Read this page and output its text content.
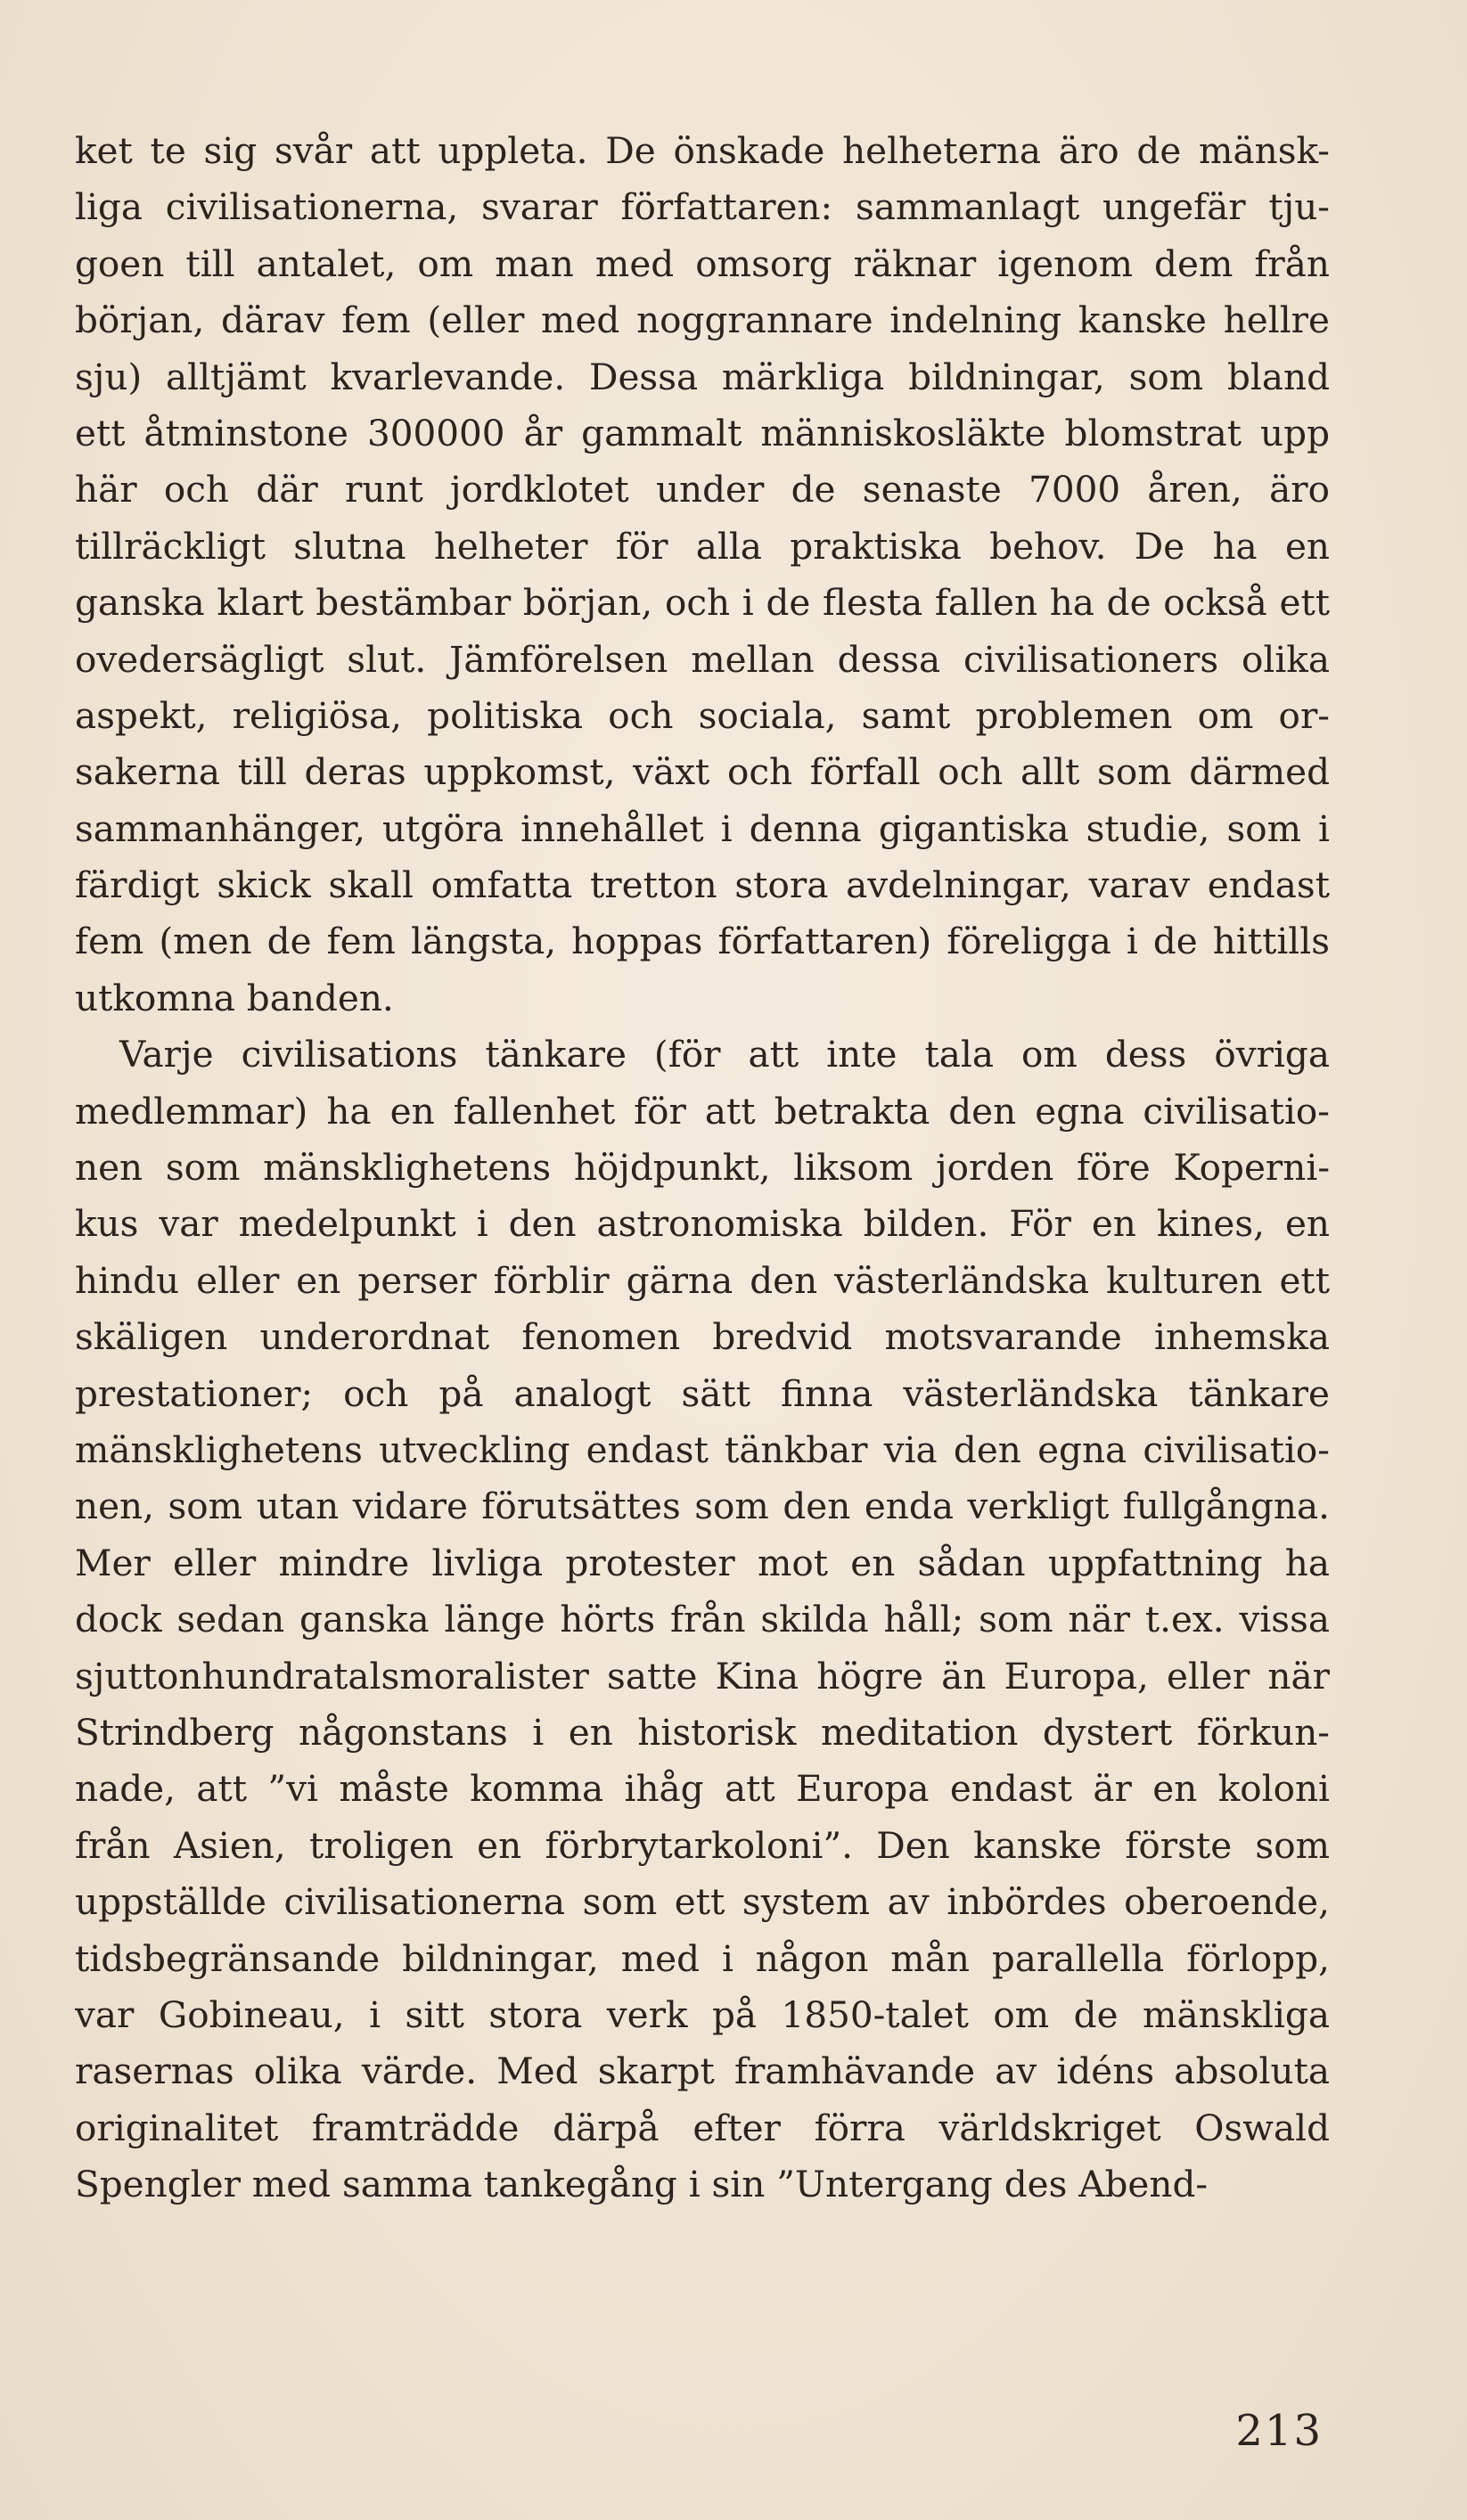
ket te sig svår att uppleta. De önskade helheterna äro de mänsk-
liga civilisationerna, svarar författaren: sammanlagt ungefär tju-
goen till antalet, om man med omsorg räknar igenom dem från
början, därav fem (eller med noggrannare indelning kanske hellre
sju) alltjämt kvarlevande. Dessa märkliga bildningar, som bland
ett åtminstone 300000 år gammalt människosläkte blomstrat upp
här och där runt jordklotet under de senaste 7000 åren, äro
tillräckligt slutna helheter för alla praktiska behov. De ha en
ganska klart bestämbar början, och i de flesta fallen ha de också ett
ovedersägligt slut. Jämförelsen mellan dessa civilisationers olika
aspekt, religiösa, politiska och sociala, samt problemen om or-
sakerna till deras uppkomst, växt och förfall och allt som därmed
sammanhänger, utgöra innehållet i denna gigantiska studie, som i
färdigt skick skall omfatta tretton stora avdelningar, varav endast
fem (men de fem längsta, hoppas författaren) föreligga i de hittills
utkomna banden.
Varje civilisations tänkare (för att inte tala om dess övriga
medlemmar) ha en fallenhet för att betrakta den egna civilisatio-
nen som mänsklighetens höjdpunkt, liksom jorden före Koperni-
kus var medelpunkt i den astronomiska bilden. För en kines, en
hindu eller en perser förblir gärna den västerländska kulturen ett
skäligen underordnat fenomen bredvid motsvarande inhemska
prestationer; och på analogt sätt finna västerländska tänkare
mänsklighetens utveckling endast tänkbar via den egna civilisatio-
nen, som utan vidare förutsättes som den enda verkligt fullgångna.
Mer eller mindre livliga protester mot en sådan uppfattning ha
dock sedan ganska länge hörts från skilda håll; som när t.ex. vissa
sjuttonhundratalsmoralister satte Kina högre än Europa, eller när
Strindberg någonstans i en historisk meditation dystert förkun-
nade, att ”vi måste komma ihåg att Europa endast är en koloni
från Asien, troligen en förbrytarkoloni”. Den kanske förste som
uppställde civilisationerna som ett system av inbördes oberoende,
tidsbegränsande bildningar, med i någon mån parallella förlopp,
var Gobineau, i sitt stora verk på 1850-talet om de mänskliga
rasernas olika värde. Med skarpt framhävande av idéns absoluta
originalitet framträdde därpå efter förra världskriget Oswald
Spengler med samma tankegång i sin ”Untergang des Abend-
213
